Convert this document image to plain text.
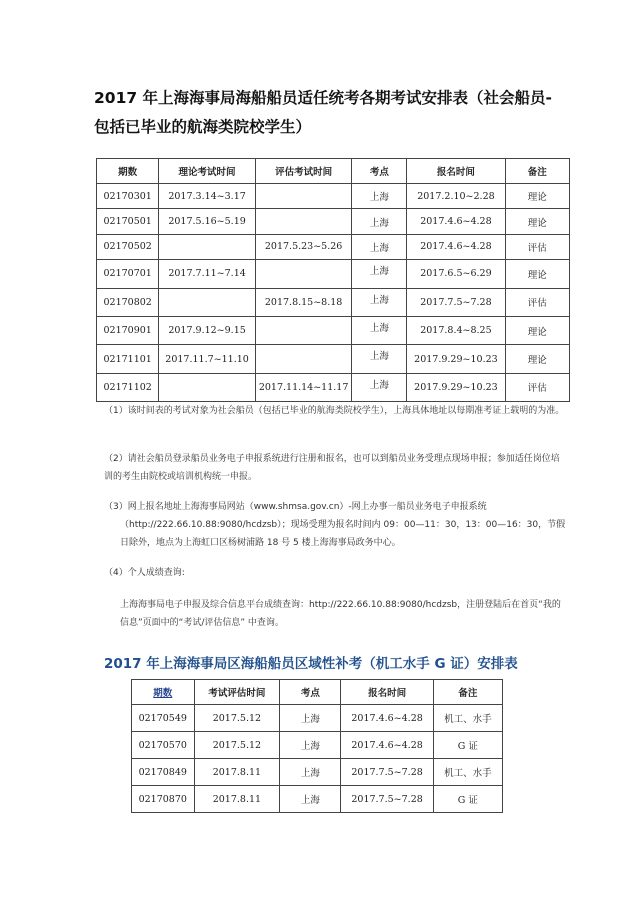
2017 年上海海事局海船船员适任统考各期考试安排表（社会船员-包括已毕业的航海类院校学生）
期数	理论考试时间	评估考试时间	考点	报名时间	备注
02170301	2017.3.14~3.17		上海	2017.2.10~2.28	理论
02170501	2017.5.16~5.19		上海	2017.4.6~4.28	理论
02170502		2017.5.23~5.26	上海	2017.4.6~4.28	评估
02170701	2017.7.11~7.14		上海	2017.6.5~6.29	理论
02170802		2017.8.15~8.18	上海	2017.7.5~7.28	评估
02170901	2017.9.12~9.15		上海	2017.8.4~8.25	理论
02171101	2017.11.7~11.10		上海	2017.9.29~10.23	理论
02171102		2017.11.14~11.17	上海	2017.9.29~10.23	评估
（1）该时间表的考试对象为社会船员（包括已毕业的航海类院校学生），上海具体地址以每期准考证上载明的为准。
（2）请社会船员登录船员业务电子申报系统进行注册和报名，也可以到船员业务受理点现场申报；参加适任岗位培训的考生由院校或培训机构统一申报。
（3）网上报名地址上海海事局网站（www.shmsa.gov.cn）-网上办事一船员业务电子申报系统
（http://222.66.10.88:9080/hcdzsb）；现场受理为报名时间内 09：00—11：30，13：00—16：30，节假日除外，地点为上海虹口区杨树浦路 18 号 5 楼上海海事局政务中心。
（4）个人成绩查询:
上海海事局电子申报及综合信息平台成绩查询：http://222.66.10.88:9080/hcdzsb，注册登陆后在首页“我的信息”页面中的“考试/评估信息” 中查询。
2017 年上海海事局区海船船员区域性补考（机工水手 G 证）安排表
期数	考试评估时间	考点	报名时间	备注
02170549	2017.5.12	上海	2017.4.6~4.28	机工、水手
02170570	2017.5.12	上海	2017.4.6~4.28	G 证
02170849	2017.8.11	上海	2017.7.5~7.28	机工、水手
02170870	2017.8.11	上海	2017.7.5~7.28	G 证
